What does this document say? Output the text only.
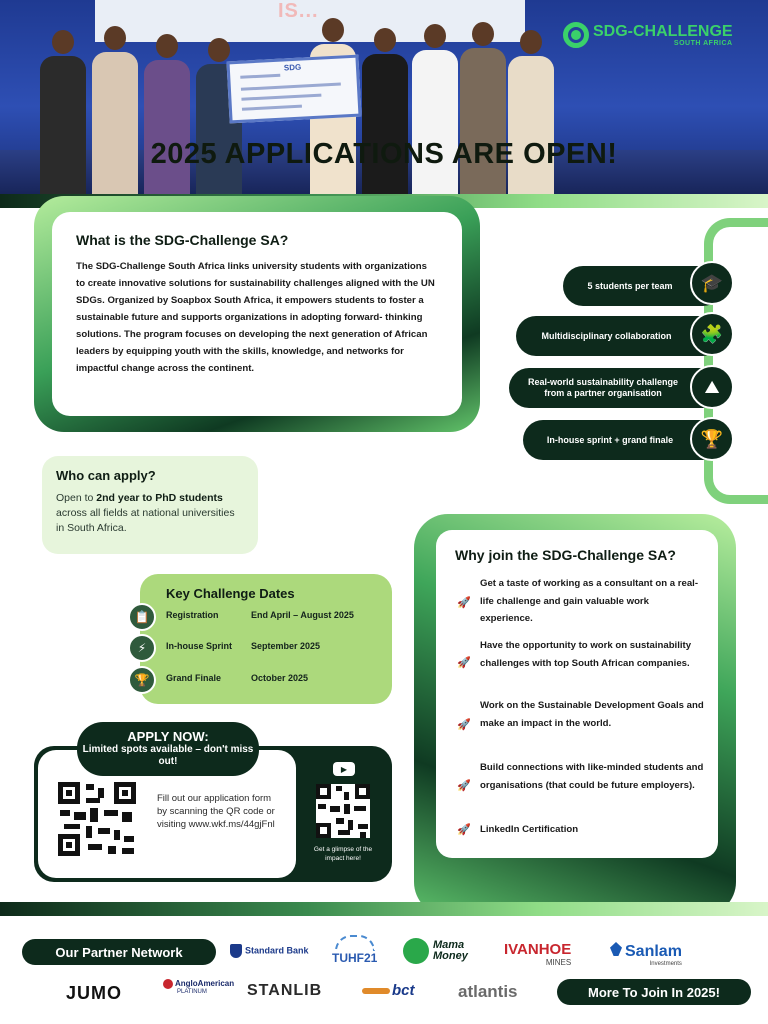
IS...
SDG
2025 APPLICATIONS ARE OPEN!
SDG-CHALLENGE
SOUTH AFRICA
What is the SDG-Challenge SA?
The SDG-Challenge South Africa links university students with organizations to create innovative solutions for sustainability challenges aligned with the UN SDGs. Organized by Soapbox South Africa, it empowers students to foster a sustainable future and supports organizations in adopting forward- thinking solutions. The program focuses on developing the next generation of African leaders by equipping youth with the skills, knowledge, and networks for impactful change across the continent.
5 students per team	🎓
Multidisciplinary collaboration	🧩
Real-world sustainability challenge from a partner organisation	⛰
In-house sprint + grand finale	🏆
Who can apply?
Open to 2nd year to PhD students across all fields at national universities in South Africa.
Key Challenge Dates
Registration	End April – August 2025
In-house Sprint September 2025
Grand Finale	October 2025
📋
⚡
🏆
APPLY NOW:
Limited spots available – don't miss out!
Fill out our application form by scanning the QR code or visiting www.wkf.ms/44gjFnl
▶
Get a glimpse of the impact here!
Why join the SDG-Challenge SA?
🚀
Get a taste of working as a consultant on a real-life challenge and gain valuable work experience.
🚀
Have the opportunity to work on sustainability challenges with top South African companies.
🚀
Work on the Sustainable Development Goals and make an impact in the world.
🚀
Build connections with like-minded students and organisations (that could be future employers).
🚀 LinkedIn Certification
Our Partner Network	Standard Bank
TUHF21
Mama Money	IVANHOE
MINES
Sanlam
Investments
JUMO	AngloAmerican
PLATINUM	STANLIB	bct	atlantis	More To Join In 2025!
